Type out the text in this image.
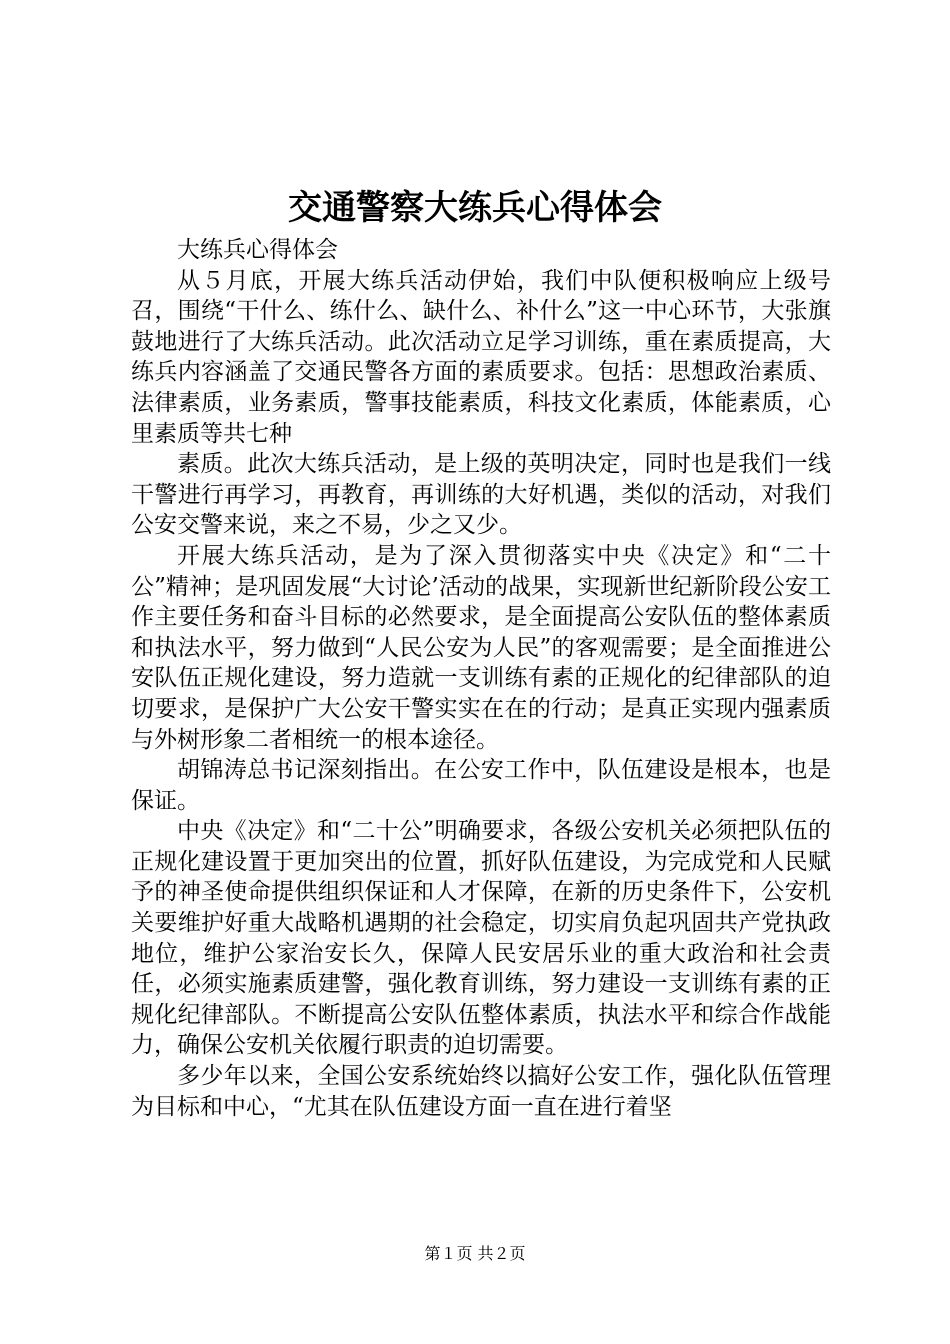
交通警察大练兵心得体会

大练兵心得体会

从５月底，开展大练兵活动伊始，我们中队便积极响应上级号召，围绕“干什么、练什么、缺什么、补什么”这一中心环节，大张旗鼓地进行了大练兵活动。此次活动立足学习训练，重在素质提高，大练兵内容涵盖了交通民警各方面的素质要求。包括：思想政治素质、法律素质，业务素质，警事技能素质，科技文化素质，体能素质，心里素质等共七种

素质。此次大练兵活动，是上级的英明决定，同时也是我们一线干警进行再学习，再教育，再训练的大好机遇，类似的活动，对我们公安交警来说，来之不易，少之又少。

开展大练兵活动，是为了深入贯彻落实中央《决定》和“二十公”精神；是巩固发展“大讨论’活动的战果，实现新世纪新阶段公安工作主要任务和奋斗目标的必然要求，是全面提高公安队伍的整体素质和执法水平，努力做到“人民公安为人民”的客观需要；是全面推进公安队伍正规化建设，努力造就一支训练有素的正规化的纪律部队的迫切要求，是保护广大公安干警实实在在的行动；是真正实现内强素质与外树形象二者相统一的根本途径。

胡锦涛总书记深刻指出。在公安工作中，队伍建设是根本，也是保证。

中央《决定》和“二十公”明确要求，各级公安机关必须把队伍的正规化建设置于更加突出的位置，抓好队伍建设，为完成党和人民赋予的神圣使命提供组织保证和人才保障，在新的历史条件下，公安机关要维护好重大战略机遇期的社会稳定，切实肩负起巩固共产党执政地位，维护公家治安长久，保障人民安居乐业的重大政治和社会责任，必须实施素质建警，强化教育训练，努力建设一支训练有素的正规化纪律部队。不断提高公安队伍整体素质，执法水平和综合作战能力，确保公安机关依履行职责的迫切需要。

多少年以来，全国公安系统始终以搞好公安工作，强化队伍管理为目标和中心，“尤其在队伍建设方面一直在进行着坚

第１页 共２页
